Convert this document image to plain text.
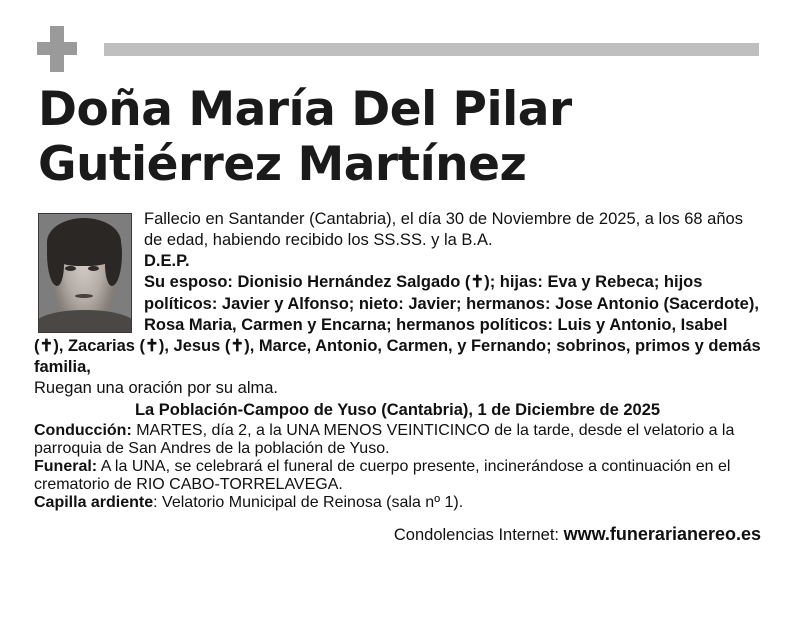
Doña María Del Pilar
Gutiérrez Martínez

Fallecio en Santander (Cantabria), el día 30 de Noviembre de 2025, a los 68 años de edad, habiendo recibido los SS.SS. y la B.A.

D.E.P.

Su esposo: Dionisio Hernández Salgado (✝); hijas: Eva y Rebeca; hijos políticos: Javier y Alfonso; nieto: Javier; hermanos: Jose Antonio (Sacerdote), Rosa Maria, Carmen y Encarna; hermanos políticos: Luis y Antonio, Isabel (✝), Zacarias (✝), Jesus (✝), Marce, Antonio, Carmen, y Fernando; sobrinos, primos y demás familia,

Ruegan una oración por su alma.

La Población-Campoo de Yuso (Cantabria), 1 de Diciembre de 2025

Conducción: MARTES, día 2, a la UNA MENOS VEINTICINCO de la tarde, desde el velatorio a la parroquia de San Andres de la población de Yuso.

Funeral: A la UNA, se celebrará el funeral de cuerpo presente, incinerándose a continuación en el crematorio de RIO CABO-TORRELAVEGA.

Capilla ardiente: Velatorio Municipal de Reinosa (sala nº 1).

Condolencias Internet: www.funerarianereo.es
